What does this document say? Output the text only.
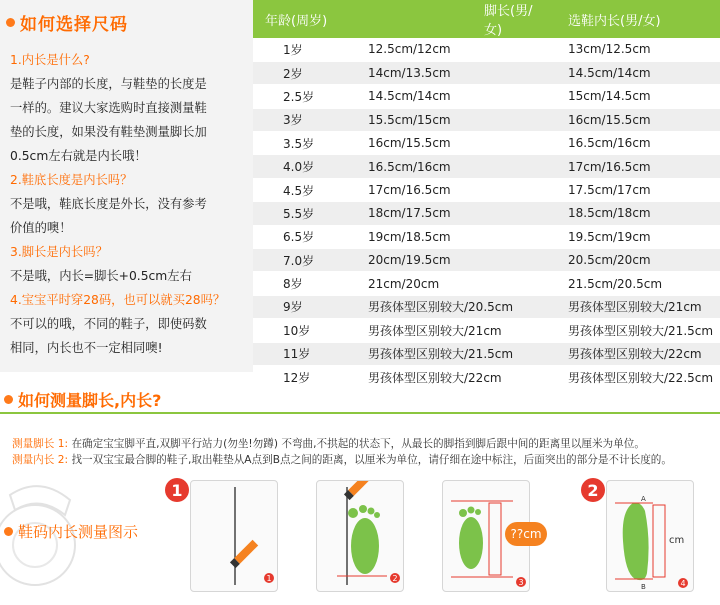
如何选择尺码
1.内长是什么?
是鞋子内部的长度，与鞋垫的长度是
一样的。建议大家选购时直接测量鞋
垫的长度，如果没有鞋垫测量脚长加
0.5cm左右就是内长哦！
2.鞋底长度是内长吗？
不是哦，鞋底长度是外长，没有参考
价值的噢！
3.脚长是内长吗？
不是哦，内长=脚长+0.5cm左右
4.宝宝平时穿28码，也可以就买28吗？
不可以的哦，不同的鞋子，即使码数
相同，内长也不一定相同噢!
年龄(周岁)	脚长(男/女)	选鞋内长(男/女)
1岁	12.5cm/12cm	13cm/12.5cm
2岁	14cm/13.5cm	14.5cm/14cm
2.5岁	14.5cm/14cm	15cm/14.5cm
3岁	15.5cm/15cm	16cm/15.5cm
3.5岁	16cm/15.5cm	16.5cm/16cm
4.0岁	16.5cm/16cm	17cm/16.5cm
4.5岁	17cm/16.5cm	17.5cm/17cm
5.5岁	18cm/17.5cm	18.5cm/18cm
6.5岁	19cm/18.5cm	19.5cm/19cm
7.0岁	20cm/19.5cm	20.5cm/20cm
8岁	21cm/20cm	21.5cm/20.5cm
9岁	男孩体型区别较大/20.5cm	男孩体型区别较大/21cm
10岁	男孩体型区别较大/21cm	男孩体型区别较大/21.5cm
11岁	男孩体型区别较大/21.5cm	男孩体型区别较大/22cm
12岁	男孩体型区别较大/22cm	男孩体型区别较大/22.5cm
如何测量脚长,内长?
测量脚长 1: 在确定宝宝脚平直,双脚平行站力(勿坐!勿蹲) 不弯曲,不拱起的状态下，从最长的脚指到脚后跟中间的距离里以厘米为单位。
测量内长 2: 找一双宝宝最合脚的鞋子,取出鞋垫从A点到B点之间的距离，以厘米为单位，请仔细在途中标注，后面突出的部分是不计长度的。
鞋码内长测量图示
1
1	2	3
??cm
2	A
B
cm
4
